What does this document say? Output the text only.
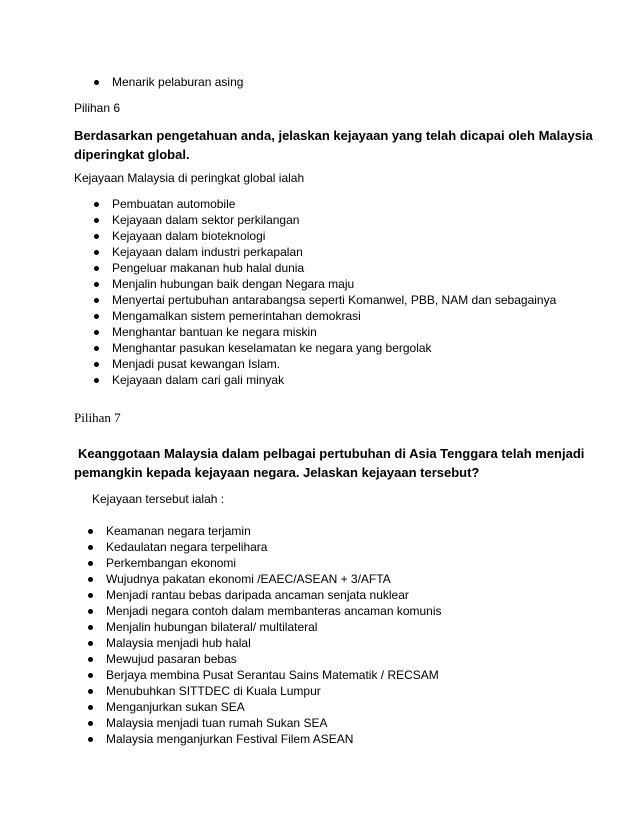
Menarik pelaburan asing
Pilihan 6
Berdasarkan pengetahuan anda, jelaskan kejayaan yang telah dicapai oleh Malaysia
diperingkat global.
Kejayaan Malaysia di peringkat global ialah
Pembuatan automobile
Kejayaan dalam sektor perkilangan
Kejayaan dalam bioteknologi
Kejayaan dalam industri perkapalan
Pengeluar makanan hub halal dunia
Menjalin hubungan baik dengan Negara maju
Menyertai pertubuhan antarabangsa seperti Komanwel, PBB, NAM dan sebagainya
Mengamalkan sistem pemerintahan demokrasi
Menghantar bantuan ke negara miskin
Menghantar pasukan keselamatan ke negara yang bergolak
Menjadi pusat kewangan Islam.
Kejayaan dalam cari gali minyak
Pilihan 7
Keanggotaan Malaysia dalam pelbagai pertubuhan di Asia Tenggara telah menjadi
pemangkin kepada kejayaan negara. Jelaskan kejayaan tersebut?
Kejayaan tersebut ialah :
Keamanan negara terjamin
Kedaulatan negara terpelihara
Perkembangan ekonomi
Wujudnya pakatan ekonomi /EAEC/ASEAN + 3/AFTA
Menjadi rantau bebas daripada ancaman senjata nuklear
Menjadi negara contoh dalam membanteras ancaman komunis
Menjalin hubungan bilateral/ multilateral
Malaysia menjadi hub halal
Mewujud pasaran bebas
Berjaya membina Pusat Serantau Sains Matematik / RECSAM
Menubuhkan SITTDEC di Kuala Lumpur
Menganjurkan sukan SEA
Malaysia menjadi tuan rumah Sukan SEA
Malaysia menganjurkan Festival Filem ASEAN
